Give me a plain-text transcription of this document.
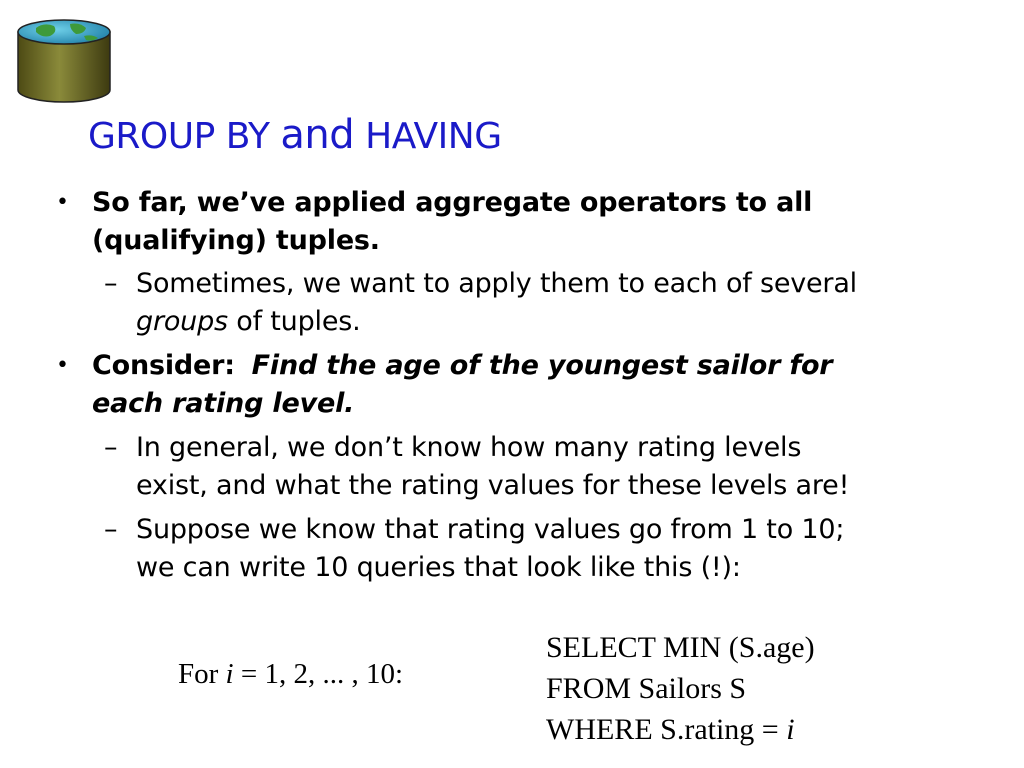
GROUP BY and HAVING
• So far, we’ve applied aggregate operators to all

(qualifying) tuples.

– Sometimes, we want to apply them to each of several

groups of tuples.

• Consider: Find the age of the youngest sailor for

each rating level.

– In general, we don’t know how many rating levels

exist, and what the rating values for these levels are!

– Suppose we know that rating values go from 1 to 10;

we can write 10 queries that look like this (!):

For i = 1, 2, ... , 10:

SELECT MIN (S.age)

FROM Sailors S

WHERE S.rating = i
